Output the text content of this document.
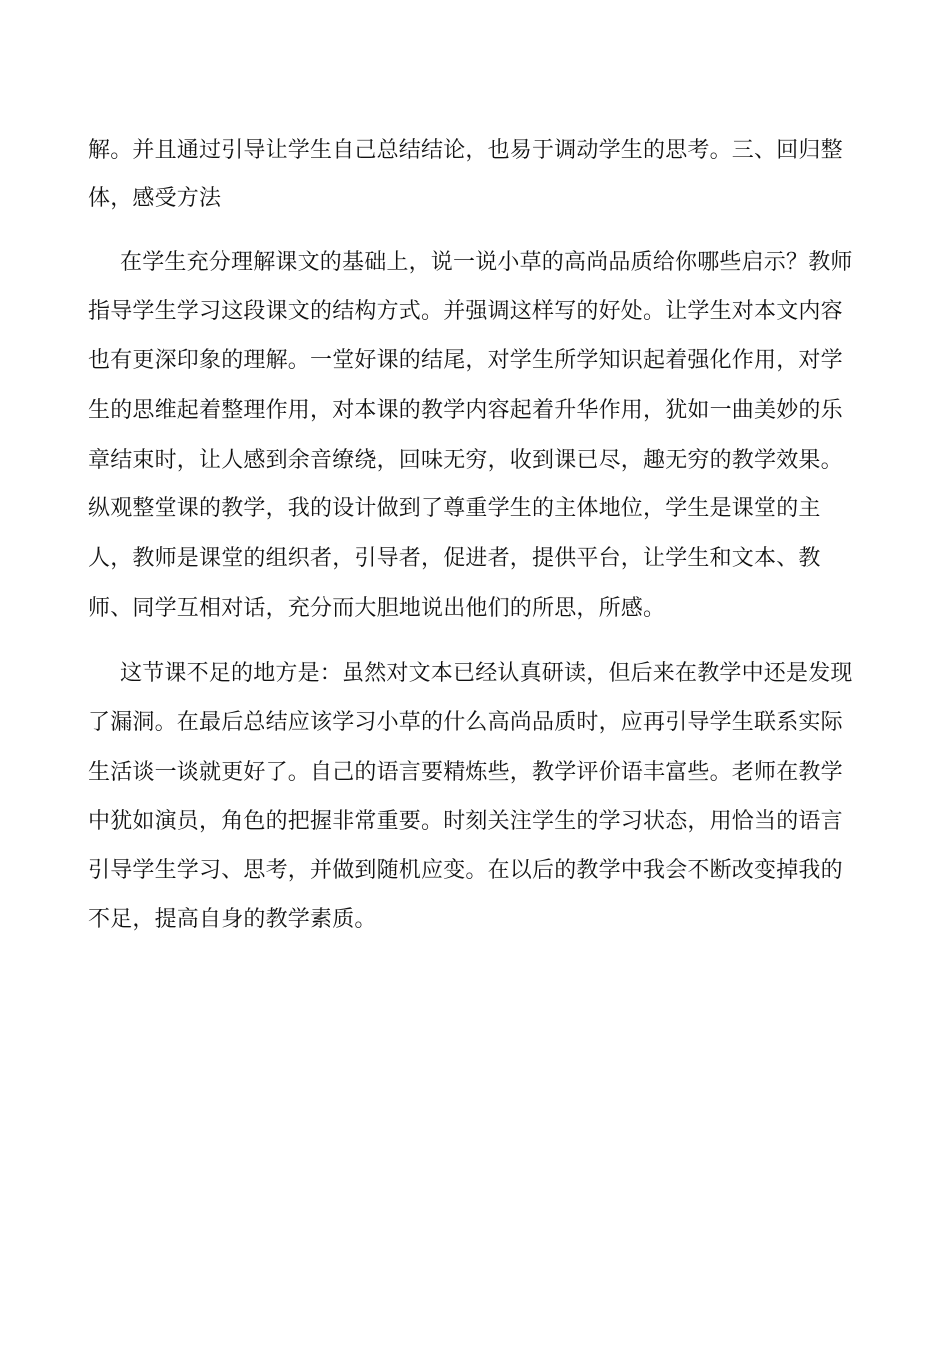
解。并且通过引导让学生自己总结结论，也易于调动学生的思考。三、回归整
体，感受方法
在学生充分理解课文的基础上，说一说小草的高尚品质给你哪些启示？教师
指导学生学习这段课文的结构方式。并强调这样写的好处。让学生对本文内容
也有更深印象的理解。一堂好课的结尾，对学生所学知识起着强化作用，对学
生的思维起着整理作用，对本课的教学内容起着升华作用，犹如一曲美妙的乐
章结束时，让人感到余音缭绕，回味无穷，收到课已尽，趣无穷的教学效果。
纵观整堂课的教学，我的设计做到了尊重学生的主体地位，学生是课堂的主
人，教师是课堂的组织者，引导者，促进者，提供平台，让学生和文本、教
师、同学互相对话，充分而大胆地说出他们的所思，所感。
这节课不足的地方是：虽然对文本已经认真研读，但后来在教学中还是发现
了漏洞。在最后总结应该学习小草的什么高尚品质时，应再引导学生联系实际
生活谈一谈就更好了。自己的语言要精炼些，教学评价语丰富些。老师在教学
中犹如演员，角色的把握非常重要。时刻关注学生的学习状态，用恰当的语言
引导学生学习、思考，并做到随机应变。在以后的教学中我会不断改变掉我的
不足，提高自身的教学素质。
